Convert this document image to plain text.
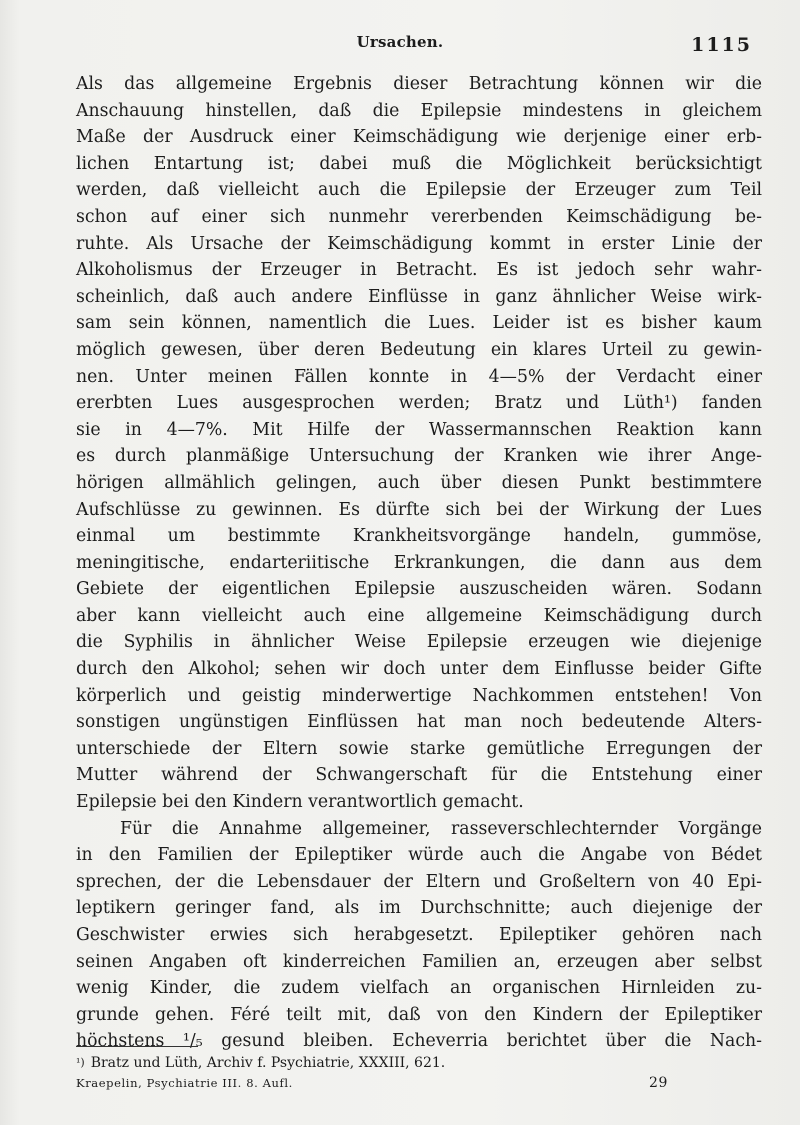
Ursachen.	1115
Als das allgemeine Ergebnis dieser Betrachtung können wir die
Anschauung hinstellen, daß die Epilepsie mindestens in gleichem
Maße der Ausdruck einer Keimschädigung wie derjenige einer erb-
lichen Entartung ist; dabei muß die Möglichkeit berücksichtigt
werden, daß vielleicht auch die Epilepsie der Erzeuger zum Teil
schon auf einer sich nunmehr vererbenden Keimschädigung be-
ruhte. Als Ursache der Keimschädigung kommt in erster Linie der
Alkoholismus der Erzeuger in Betracht. Es ist jedoch sehr wahr-
scheinlich, daß auch andere Einflüsse in ganz ähnlicher Weise wirk-
sam sein können, namentlich die Lues. Leider ist es bisher kaum
möglich gewesen, über deren Bedeutung ein klares Urteil zu gewin-
nen. Unter meinen Fällen konnte in 4—5% der Verdacht einer
ererbten Lues ausgesprochen werden; Bratz und Lüth¹) fanden
sie in 4—7%. Mit Hilfe der Wassermannschen Reaktion kann
es durch planmäßige Untersuchung der Kranken wie ihrer Ange-
hörigen allmählich gelingen, auch über diesen Punkt bestimmtere
Aufschlüsse zu gewinnen. Es dürfte sich bei der Wirkung der Lues
einmal um bestimmte Krankheitsvorgänge handeln, gummöse,
meningitische, endarteriitische Erkrankungen, die dann aus dem
Gebiete der eigentlichen Epilepsie auszuscheiden wären. Sodann
aber kann vielleicht auch eine allgemeine Keimschädigung durch
die Syphilis in ähnlicher Weise Epilepsie erzeugen wie diejenige
durch den Alkohol; sehen wir doch unter dem Einflusse beider Gifte
körperlich und geistig minderwertige Nachkommen entstehen! Von
sonstigen ungünstigen Einflüssen hat man noch bedeutende Alters-
unterschiede der Eltern sowie starke gemütliche Erregungen der
Mutter während der Schwangerschaft für die Entstehung einer
Epilepsie bei den Kindern verantwortlich gemacht.
Für die Annahme allgemeiner, rasseverschlechternder Vorgänge
in den Familien der Epileptiker würde auch die Angabe von Bédet
sprechen, der die Lebensdauer der Eltern und Großeltern von 40 Epi-
leptikern geringer fand, als im Durchschnitte; auch diejenige der
Geschwister erwies sich herabgesetzt. Epileptiker gehören nach
seinen Angaben oft kinderreichen Familien an, erzeugen aber selbst
wenig Kinder, die zudem vielfach an organischen Hirnleiden zu-
grunde gehen. Féré teilt mit, daß von den Kindern der Epileptiker
höchstens ¹/₅ gesund bleiben. Echeverria berichtet über die Nach-
$^{^1)}$ Bratz und Lüth, Archiv f. Psychiatrie, XXXIII, 621.
Kraepelin, Psychiatrie III. 8. Aufl.	29
